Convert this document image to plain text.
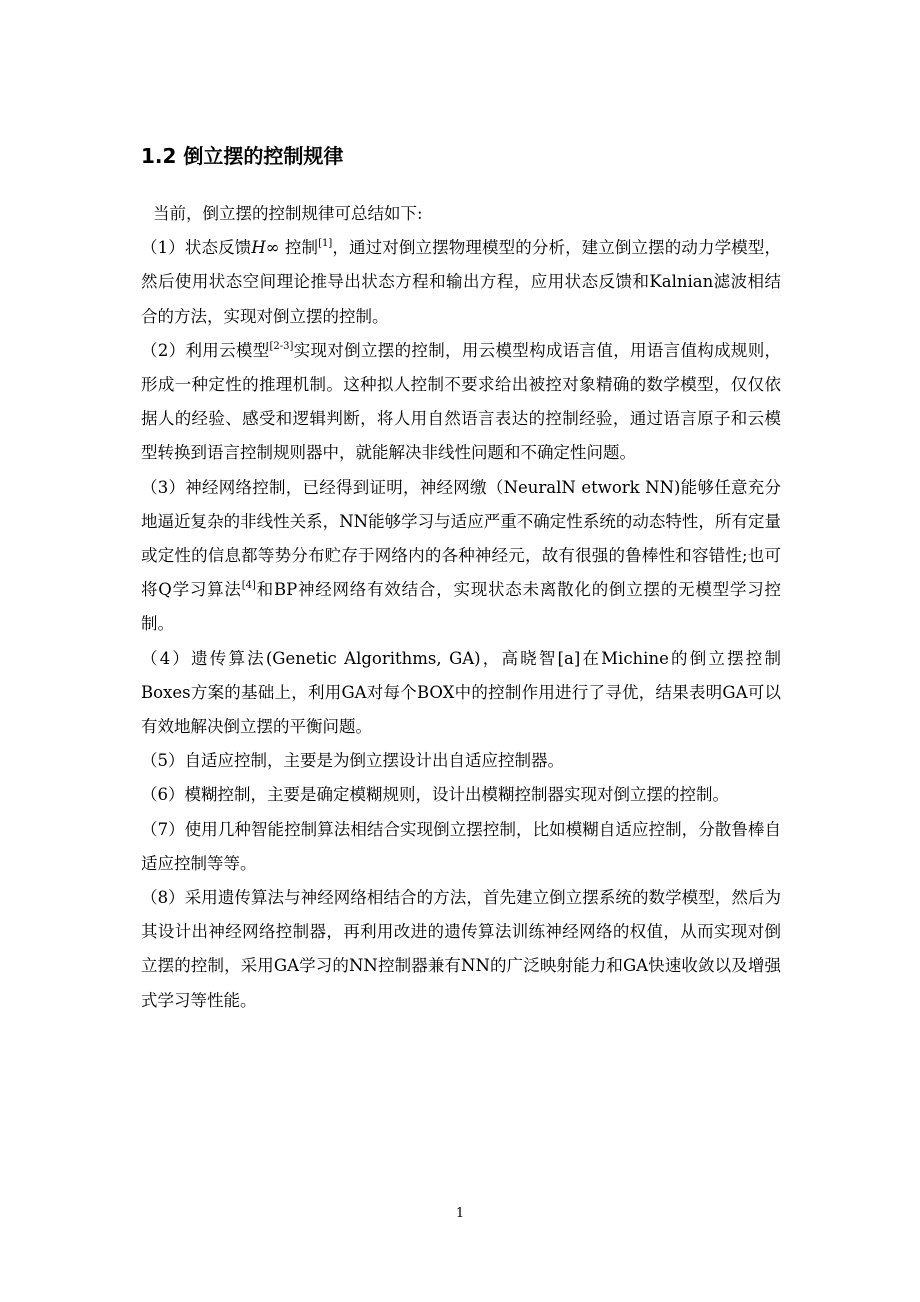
1.2 倒立摆的控制规律

当前，倒立摆的控制规律可总结如下:

（1）状态反馈H∞ 控制[1]，通过对倒立摆物理模型的分析，建立倒立摆的动力学模型，然后使用状态空间理论推导出状态方程和输出方程，应用状态反馈和Kalnian滤波相结合的方法，实现对倒立摆的控制。

（2）利用云模型[2-3]实现对倒立摆的控制，用云模型构成语言值，用语言值构成规则，形成一种定性的推理机制。这种拟人控制不要求给出被控对象精确的数学模型，仅仅依据人的经验、感受和逻辑判断，将人用自然语言表达的控制经验，通过语言原子和云模型转换到语言控制规则器中，就能解决非线性问题和不确定性问题。

（3）神经网络控制，已经得到证明，神经网缴（NeuralN etwork NN)能够任意充分地逼近复杂的非线性关系，NN能够学习与适应严重不确定性系统的动态特性，所有定量或定性的信息都等势分布贮存于网络内的各种神经元，故有很强的鲁棒性和容错性;也可将Q学习算法[4]和BP神经网络有效结合，实现状态未离散化的倒立摆的无模型学习控制。

（4）遗传算法(Genetic Algorithms, GA)，高晓智[a]在Michine的倒立摆控制Boxes方案的基础上，利用GA对每个BOX中的控制作用进行了寻优，结果表明GA可以有效地解决倒立摆的平衡问题。

（5）自适应控制，主要是为倒立摆设计出自适应控制器。

（6）模糊控制，主要是确定模糊规则，设计出模糊控制器实现对倒立摆的控制。

（7）使用几种智能控制算法相结合实现倒立摆控制，比如模糊自适应控制，分散鲁棒自适应控制等等。

（8）采用遗传算法与神经网络相结合的方法，首先建立倒立摆系统的数学模型，然后为其设计出神经网络控制器，再利用改进的遗传算法训练神经网络的权值，从而实现对倒立摆的控制，采用GA学习的NN控制器兼有NN的广泛映射能力和GA快速收敛以及增强式学习等性能。

1
